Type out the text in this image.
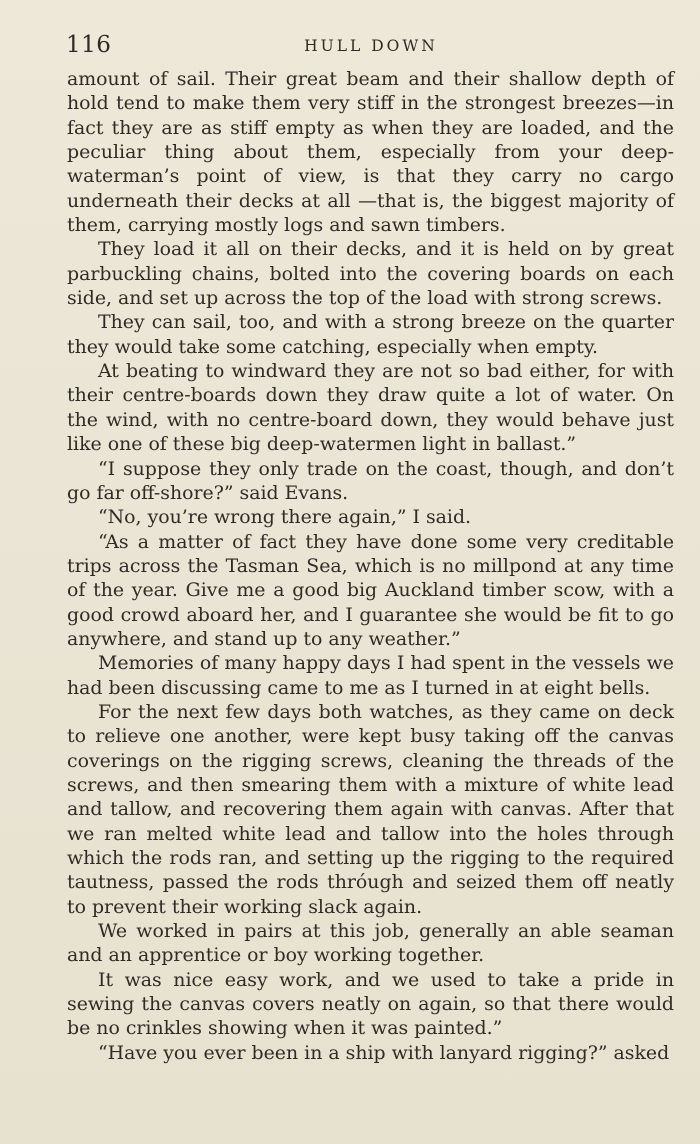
116	HULL DOWN

amount of sail. Their great beam and their shallow depth of hold tend to make them very stiff in the strongest breezes—in fact they are as stiff empty as when they are loaded, and the peculiar thing about them, especially from your deep-waterman’s point of view, is that they carry no cargo underneath their decks at all —that is, the biggest majority of them, carrying mostly logs and sawn timbers.

They load it all on their decks, and it is held on by great parbuckling chains, bolted into the covering boards on each side, and set up across the top of the load with strong screws.

They can sail, too, and with a strong breeze on the quarter they would take some catching, especially when empty.

At beating to windward they are not so bad either, for with their centre-boards down they draw quite a lot of water. On the wind, with no centre-board down, they would behave just like one of these big deep-watermen light in ballast.”

“I suppose they only trade on the coast, though, and don’t go far off-shore?” said Evans.

“No, you’re wrong there again,” I said.

“As a matter of fact they have done some very creditable trips across the Tasman Sea, which is no millpond at any time of the year. Give me a good big Auckland timber scow, with a good crowd aboard her, and I guarantee she would be fit to go anywhere, and stand up to any weather.”

Memories of many happy days I had spent in the vessels we had been discussing came to me as I turned in at eight bells.

For the next few days both watches, as they came on deck to relieve one another, were kept busy taking off the canvas coverings on the rigging screws, cleaning the threads of the screws, and then smearing them with a mixture of white lead and tallow, and recovering them again with canvas. After that we ran melted white lead and tallow into the holes through which the rods ran, and setting up the rigging to the required tautness, passed the rods thróugh and seized them off neatly to prevent their working slack again.

We worked in pairs at this job, generally an able seaman and an apprentice or boy working together.

It was nice easy work, and we used to take a pride in sewing the canvas covers neatly on again, so that there would be no crinkles showing when it was painted.”

“Have you ever been in a ship with lanyard rigging?” asked
